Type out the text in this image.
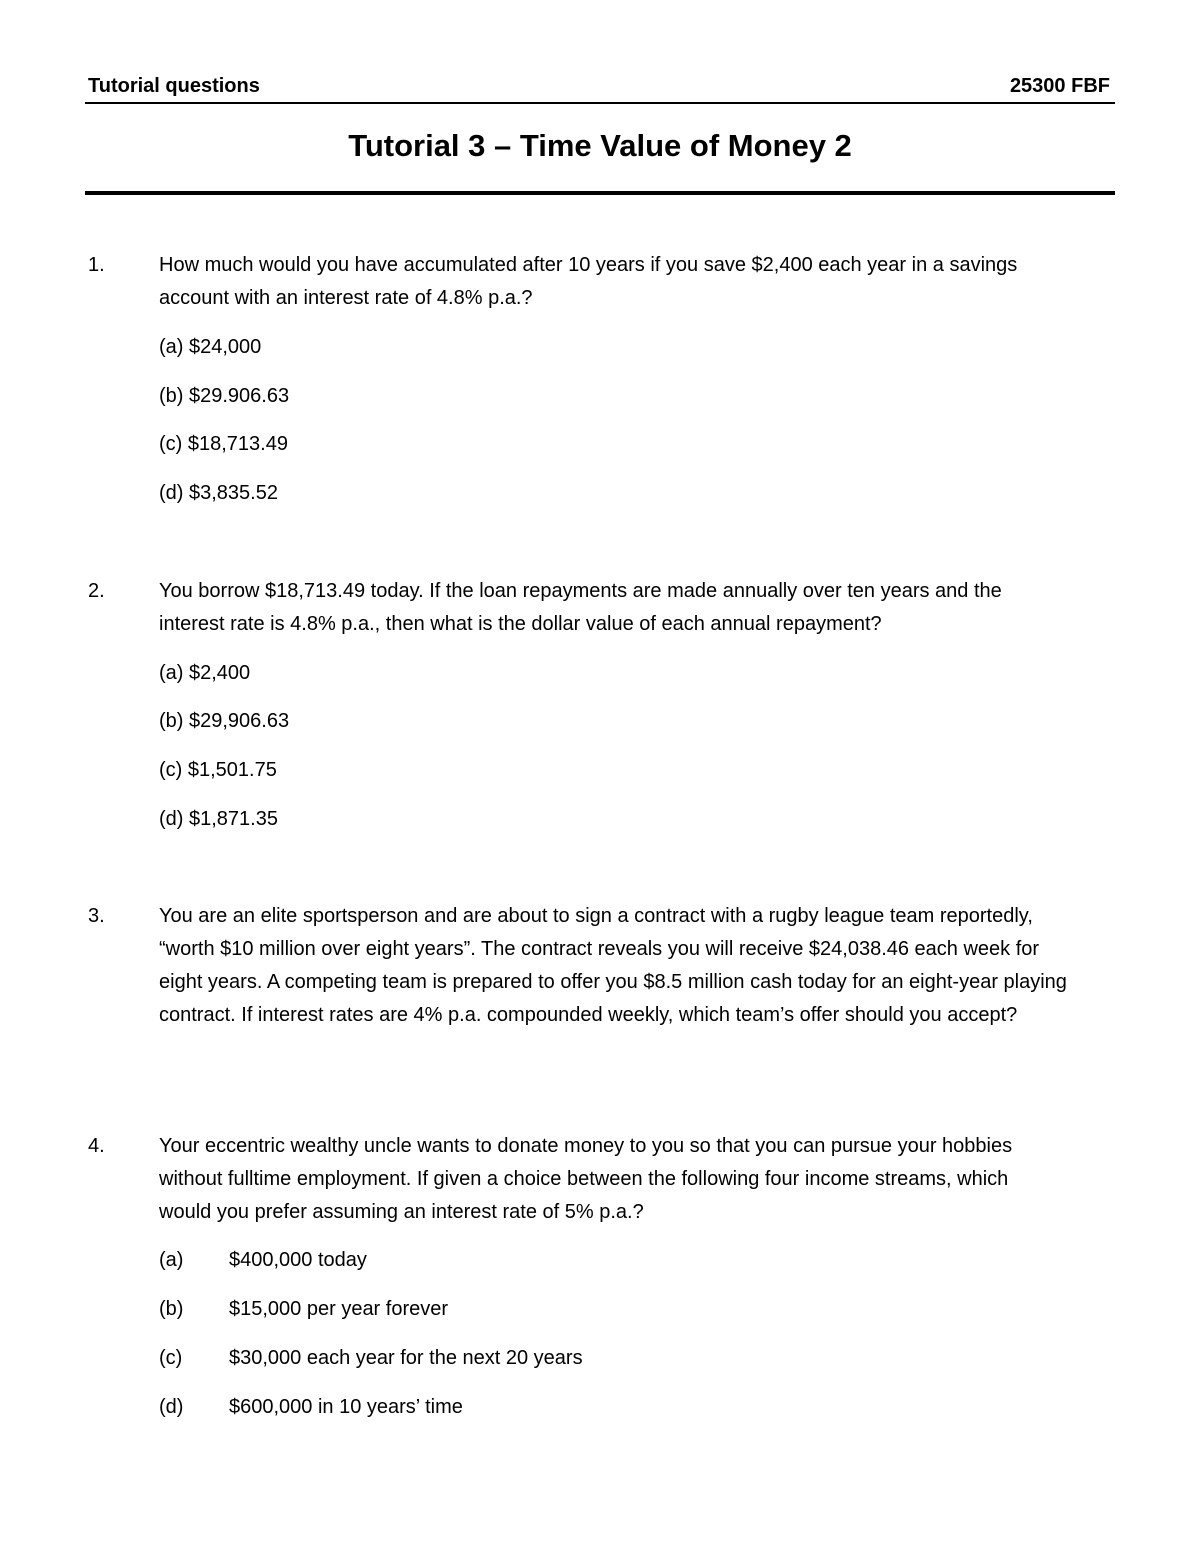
Tutorial questions	25300 FBF
Tutorial 3 – Time Value of Money 2
1.	How much would you have accumulated after 10 years if you save $2,400 each year in a savings account with an interest rate of 4.8% p.a.?
(a) $24,000
(b) $29.906.63
(c) $18,713.49
(d) $3,835.52
2.	You borrow $18,713.49 today. If the loan repayments are made annually over ten years and the interest rate is 4.8% p.a., then what is the dollar value of each annual repayment?
(a) $2,400
(b) $29,906.63
(c) $1,501.75
(d) $1,871.35
3.	You are an elite sportsperson and are about to sign a contract with a rugby league team reportedly, “worth $10 million over eight years”. The contract reveals you will receive $24,038.46 each week for eight years. A competing team is prepared to offer you $8.5 million cash today for an eight-year playing contract. If interest rates are 4% p.a. compounded weekly, which team’s offer should you accept?
4.	Your eccentric wealthy uncle wants to donate money to you so that you can pursue your hobbies without fulltime employment. If given a choice between the following four income streams, which would you prefer assuming an interest rate of 5% p.a.?
(a) $400,000 today
(b) $15,000 per year forever
(c) $30,000 each year for the next 20 years
(d) $600,000 in 10 years’ time
